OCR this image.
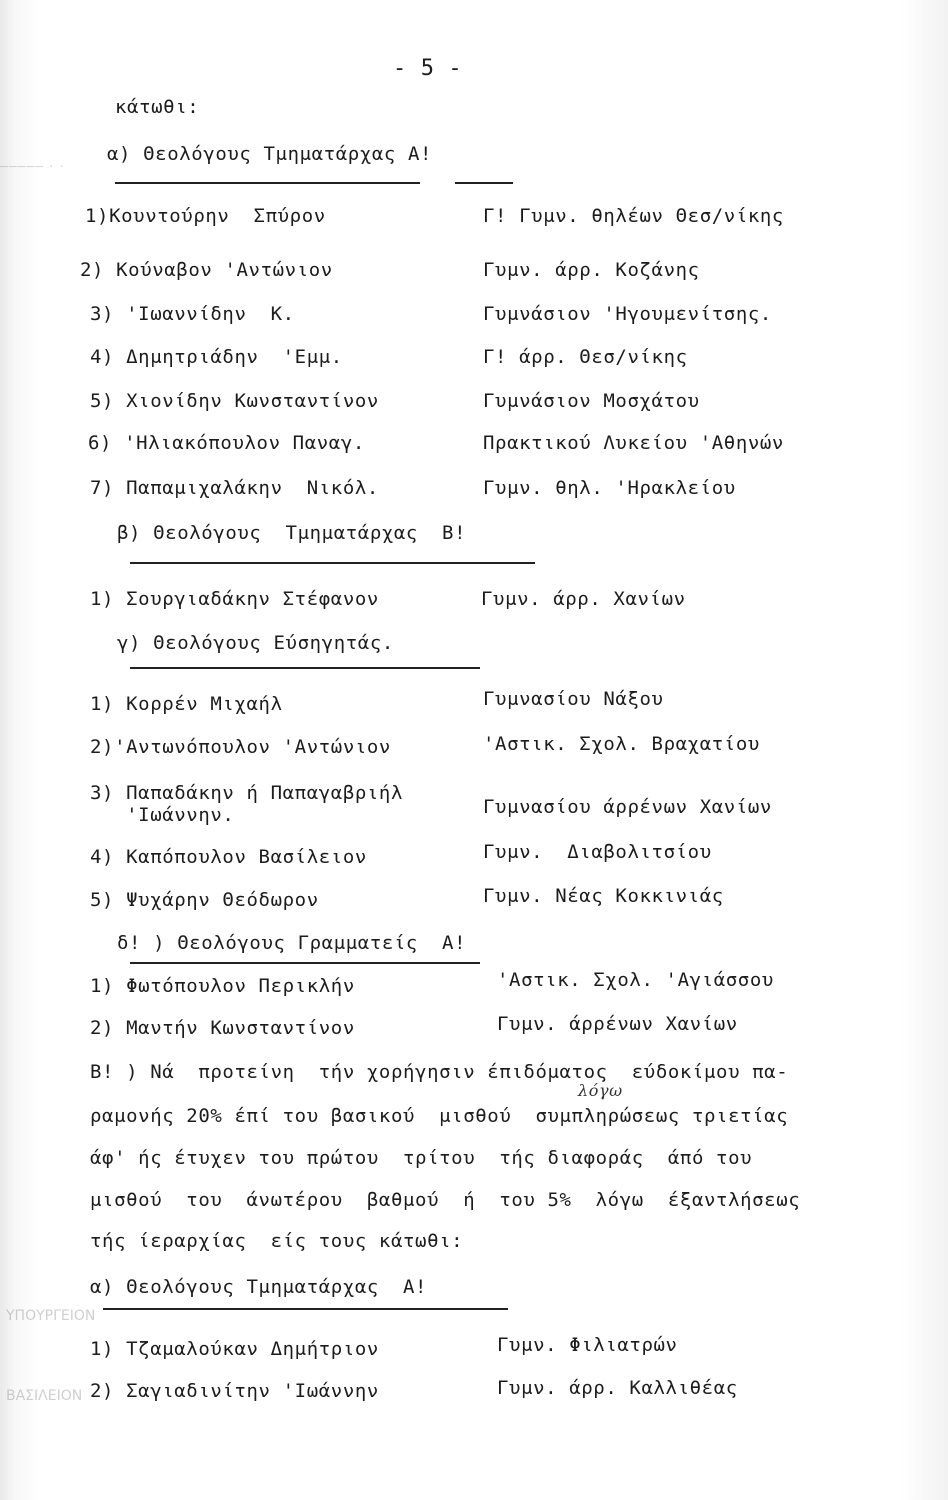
───── · ·
ΥΠΟΥΡΓΕΙΟΝ
ΒΑΣΙΛΕΙΟΝ
- 5 -
κάτωθι:
α) Θεολόγους Τμηματάρχας Α!
1)Κουντούρην  Σπύρον	Γ! Γυμν. θηλέων Θεσ/νίκης
2) Κούναβον 'Αντώνιον	Γυμν. άρρ. Κοζάνης
3) 'Ιωαννίδην  Κ.	Γυμνάσιον 'Ηγουμενίτσης.
4) Δημητριάδην  'Εμμ.	Γ! άρρ. Θεσ/νίκης
5) Χιονίδην Κωνσταντίνον	Γυμνάσιον Μοσχάτου
6) 'Ηλιακόπουλον Παναγ.	Πρακτικού Λυκείου 'Αθηνών
7) Παπαμιχαλάκην  Νικόλ.	Γυμν. θηλ. 'Ηρακλείου
β) Θεολόγους  Τμηματάρχας  Β!
1) Σουργιαδάκην Στέφανον	Γυμν. άρρ. Χανίων
γ) Θεολόγους Εύσηγητάς.
1) Κορρέν Μιχαήλ	Γυμνασίου Νάξου
2)'Αντωνόπουλον 'Αντώνιον	'Αστικ. Σχολ. Βραχατίου
3) Παπαδάκην ή Παπαγαβριήλ
'Ιωάννην.	Γυμνασίου άρρένων Χανίων
4) Καπόπουλον Βασίλειον	Γυμν.  Διαβολιτσίου
5) Ψυχάρην Θεόδωρον	Γυμν. Νέας Κοκκινιάς
δ! ) Θεολόγους Γραμματείς  Α!
1) Φωτόπουλον Περικλήν	'Αστικ. Σχολ. 'Αγιάσσου
2) Μαντήν Κωνσταντίνον	Γυμν. άρρένων Χανίων
Β! ) Νά  προτείνη  τήν χορήγησιν έπιδόματος  εύδοκίμου πα-
ραμονής 20% έπί του βασικού  μισθού  συμπληρώσεως τριετίας
λόγω
άφ' ής έτυχεν του πρώτου  τρίτου  τής διαφοράς  άπό του
μισθού  του  άνωτέρου  βαθμού  ή  του 5%  λόγω  έξαντλήσεως
τής ίεραρχίας  είς τους κάτωθι:
α) Θεολόγους Τμηματάρχας  Α!
1) Τζαμαλούκαν Δημήτριον	Γυμν. Φιλιατρών
2) Σαγιαδινίτην 'Ιωάννην	Γυμν. άρρ. Καλλιθέας
